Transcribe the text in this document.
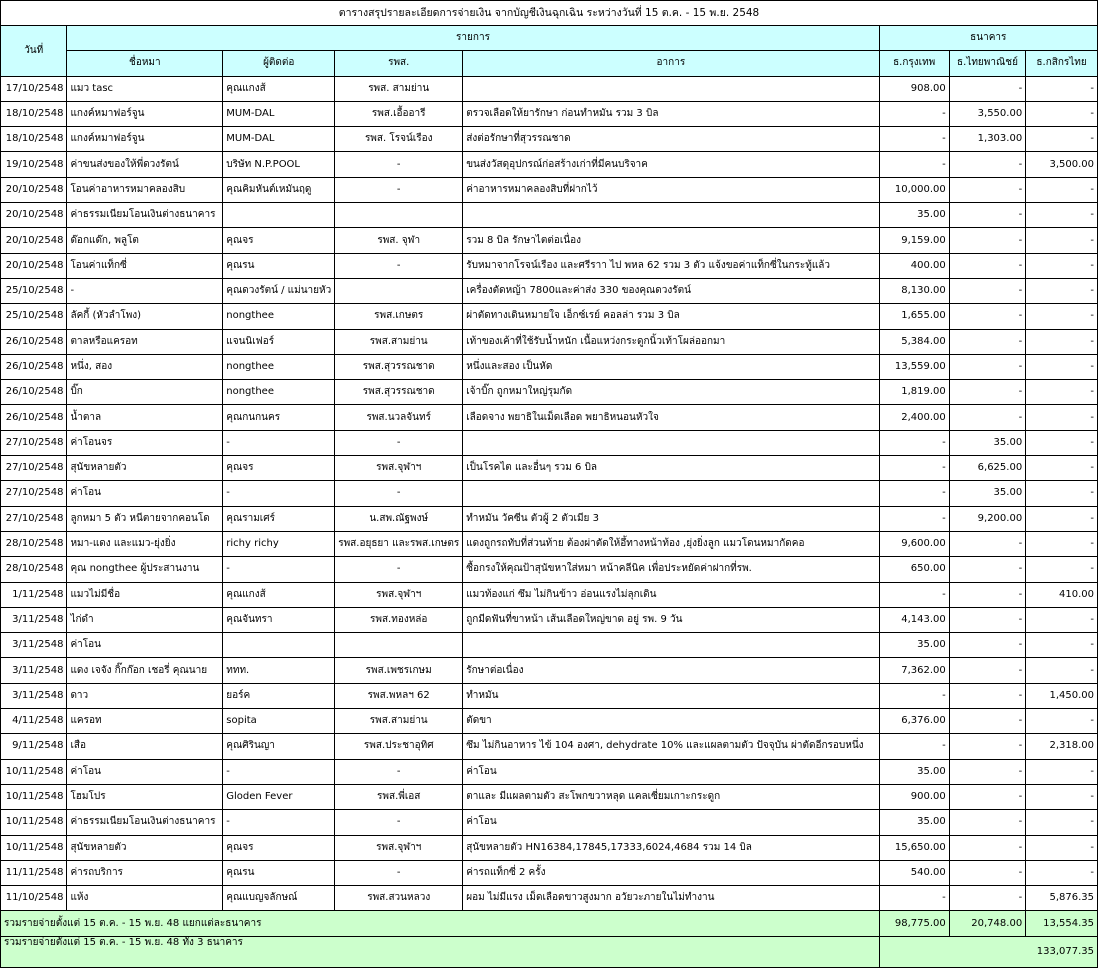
ตารางสรุปรายละเอียดการจ่ายเงิน จากบัญชีเงินฉุกเฉิน ระหว่างวันที่ 15 ต.ค. - 15 พ.ย. 2548							
วันที่	รายการ				ธนาคาร		
	ชื่อหมา	ผู้ติดต่อ	รพส.	อาการ	ธ.กรุงเทพ	ธ.ไทยพาณิชย์	ธ.กสิกรไทย
17/10/2548	แมว tasc	คุณแกงส้	รพส. สามย่าน		908.00	-	-
18/10/2548	แกงค์หมาฟอร์จูน	MUM-DAL	รพส.เอื้ออารี	ตรวจเลือดให้ยารักษา ก่อนทำหมัน รวม 3 บิล	-	3,550.00	-
18/10/2548	แกงค์หมาฟอร์จูน	MUM-DAL	รพส. โรจน์เรือง	ส่งต่อรักษาที่สุวรรณชาด	-	1,303.00	-
19/10/2548	ค่าขนส่งของให้พี่ดวงรัตน์	บริษัท N.P.POOL	-	ขนส่งวัสดุอุปกรณ์ก่อสร้างเก่าที่มีคนบริจาค	-	-	3,500.00
20/10/2548	โอนค่าอาหารหมาคลองสิบ	คุณคิมหันต์เหมันฤดู	-	ค่าอาหารหมาคลองสิบที่ฝากไว้	10,000.00	-	-
20/10/2548	ค่าธรรมเนียมโอนเงินต่างธนาคาร				35.00	-	-
20/10/2548	ด๊อกแด๊ก, พลูโต	คุณจร	รพส. จุฬา	รวม 8 บิล รักษาไตต่อเนื่อง	9,159.00	-	-
20/10/2548	โอนค่าแท็กซี่	คุณรน	-	รับหมาจากโรจน์เรือง และศรีราา ไป พหล 62 รวม 3 ตัว แจ้งขอค่าแท็กซี่ในกระทู้แล้ว	400.00	-	-
25/10/2548	-	คุณดวงรัตน์ / แม่นายหัว		เครื่องตัดหญ้า 7800และค่าส่ง 330 ของคุณดวงรัตน์	8,130.00	-	-
25/10/2548	ลัคกี้ (หัวลำโพง)	nongthee	รพส.เกษตร	ผ่าตัดทางเดินหมายใจ เอ็กซ์เรย์ คอลล่า รวม 3 บิล	1,655.00	-	-
26/10/2548	ตาลหรือแครอท	แจนนิเฟอร์	รพส.สามย่าน	เท้าของเค้าที่ใช้รับน้ำหนัก เนื้อแหว่งกระดูกนิ้วเท้าโผล่ออกมา	5,384.00	-	-
26/10/2548	หนึ่ง, สอง	nongthee	รพส.สุวรรณชาด	หนึ่งและสอง เป็นหัด	13,559.00	-	-
26/10/2548	บิ๊ก	nongthee	รพส.สุวรรณชาด	เจ้าบิ๊ก ถูกหมาใหญ่รุมกัด	1,819.00	-	-
26/10/2548	น้ำตาล	คุณกนกนคร	รพส.นวลจันทร์	เลือดจาง พยาธิในเม็ดเลือด พยาธิหนอนหัวใจ	2,400.00	-	-
27/10/2548	ค่าโอนจร	-	-		-	35.00	-
27/10/2548	สุนัขหลายตัว	คุณจร	รพส.จุฬาฯ	เป็นโรคไต และอื่นๆ รวม 6 บิล	-	6,625.00	-
27/10/2548	ค่าโอน	-	-		-	35.00	-
27/10/2548	ลูกหมา 5 ตัว หนีตายจากคอนโด	คุณรามเศร์	น.สพ.ณัฐพงษ์	ทำหมัน วัคซีน ตัวผู้ 2 ตัวเมีย 3	-	9,200.00	-
28/10/2548	หมา-แดง และแมว-ยุ่งยิ่ง	richy richy	รพส.อยุธยา และรพส.เกษตร	แดงถูกรถทับที่ส่วนท้าย ต้องผ่าตัดให้อึ้ทางหน้าท้อง ,ยุ่งยิ่งลูก แมวโดนหมากัดคอ	9,600.00	-	-
28/10/2548	คุณ nongthee ผู้ประสานงาน	-	-	ซื้อกรงให้คุณป้าสุนัขหาใส่หมา หน้าคลีนิค เพื่อประหยัดค่าฝากที่รพ.	650.00	-	-
1/11/2548	แมวไม่มีชื่อ	คุณแกงส้	รพส.จุฬาฯ	แมวท้องแก่ ซึม ไม่กินข้าว อ่อนแรงไม่ลุกเดิน	-	-	410.00
3/11/2548	ไก่ดำ	คุณจันทรา	รพส.ทองหล่อ	ถูกมีดฟันที่ขาหน้า เส้นเลือดใหญ่ขาด อยู่ รพ. 9 วัน	4,143.00	-	-
3/11/2548	ค่าโอน				35.00	-	-
3/11/2548	แดง เจจัง กิ๊กก๊อก เชอรี่ คุณนาย	ททท.	รพส.เพชรเกษม	รักษาต่อเนื่อง	7,362.00	-	-
3/11/2548	ดาว	ยอร์ค	รพส.พหลฯ 62	ทำหมัน	-	-	1,450.00
4/11/2548	แครอท	sopita	รพส.สามย่าน	ตัดขา	6,376.00	-	-
9/11/2548	เสือ	คุณศิรินญา	รพส.ประชาอุทิศ	ซึม ไม่กินอาหาร ไข้ 104 องศา, dehydrate 10% และแผลตามตัว ปัจจุบัน ผ่าตัดอีกรอบหนึ่ง	-	-	2,318.00
10/11/2548	ค่าโอน	-	-	ค่าโอน	35.00	-	-
10/11/2548	โฮมโปร	Gloden Fever	รพส.พี่เอส	ตาและ มีแผลตามตัว สะโพกขวาหลุด แคลเซี่ยมเกาะกระดูก	900.00	-	-
10/11/2548	ค่าธรรมเนียมโอนเงินต่างธนาคาร	-	-	ค่าโอน	35.00	-	-
10/11/2548	สุนัขหลายตัว	คุณจร	รพส.จุฬาฯ	สุนัขหลายตัว HN16384,17845,17333,6024,4684 รวม 14 บิล	15,650.00	-	-
11/11/2548	ค่ารถบริการ	คุณรน	-	ค่ารถแท็กซี่ 2 ครั้ง	540.00	-	-
11/10/2548	แห้ง	คุณแบญจลักษณ์	รพส.สวนหลวง	ผอม ไม่มีแรง เม็ดเลือดขาวสูงมาก อวัยวะภายในไม่ทำงาน	-	-	5,876.35
รวมรายจ่ายตั้งแต่ 15 ต.ค. - 15 พ.ย. 48 แยกแต่ละธนาคาร					98,775.00	20,748.00	13,554.35
รวมรายจ่ายตั้งแต่ 15 ต.ค. - 15 พ.ย. 48 ทั้ง 3 ธนาคาร					133,077.35		
